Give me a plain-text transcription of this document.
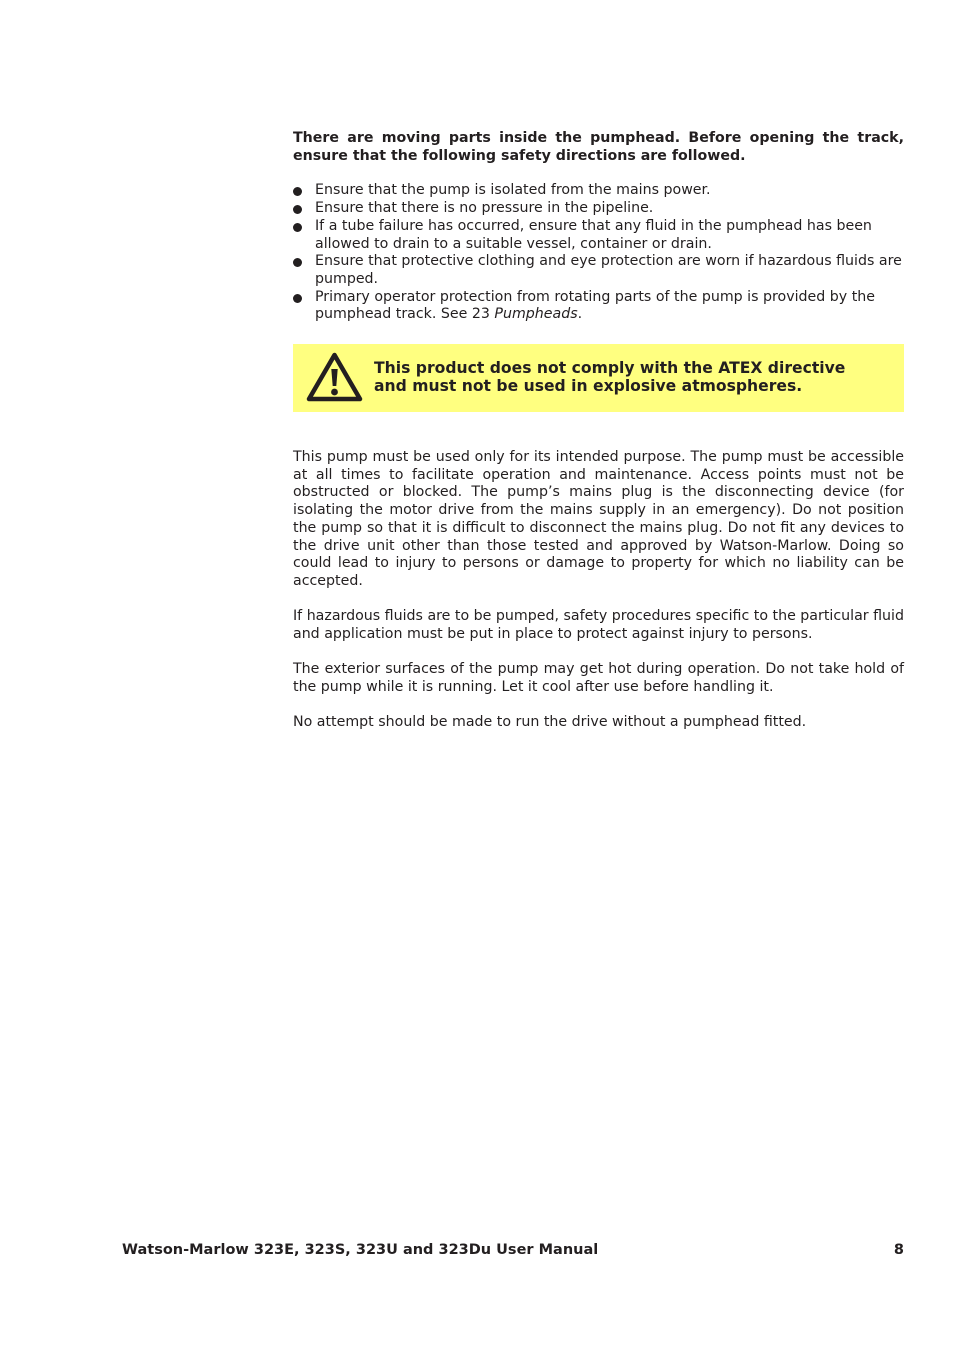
There are moving parts inside the pumphead. Before opening the track, ensure that the following safety directions are followed.

Ensure that the pump is isolated from the mains power.
Ensure that there is no pressure in the pipeline.
If a tube failure has occurred, ensure that any fluid in the pumphead has been allowed to drain to a suitable vessel, container or drain.
Ensure that protective clothing and eye protection are worn if hazardous fluids are pumped.
Primary operator protection from rotating parts of the pump is provided by the pumphead track. See 23 Pumpheads.
This product does not comply with the ATEX directive
and must not be used in explosive atmospheres.

This pump must be used only for its intended purpose. The pump must be accessible at all times to facilitate operation and maintenance. Access points must not be obstructed or blocked. The pump’s mains plug is the disconnecting device (for isolating the motor drive from the mains supply in an emergency). Do not position the pump so that it is difficult to disconnect the mains plug. Do not fit any devices to the drive unit other than those tested and approved by Watson-Marlow. Doing so could lead to injury to persons or damage to property for which no liability can be accepted.

If hazardous fluids are to be pumped, safety procedures specific to the particular fluid and application must be put in place to protect against injury to persons.

The exterior surfaces of the pump may get hot during operation. Do not take hold of the pump while it is running. Let it cool after use before handling it.

No attempt should be made to run the drive without a pumphead fitted.

Watson-Marlow 323E, 323S, 323U and 323Du User Manual	8
